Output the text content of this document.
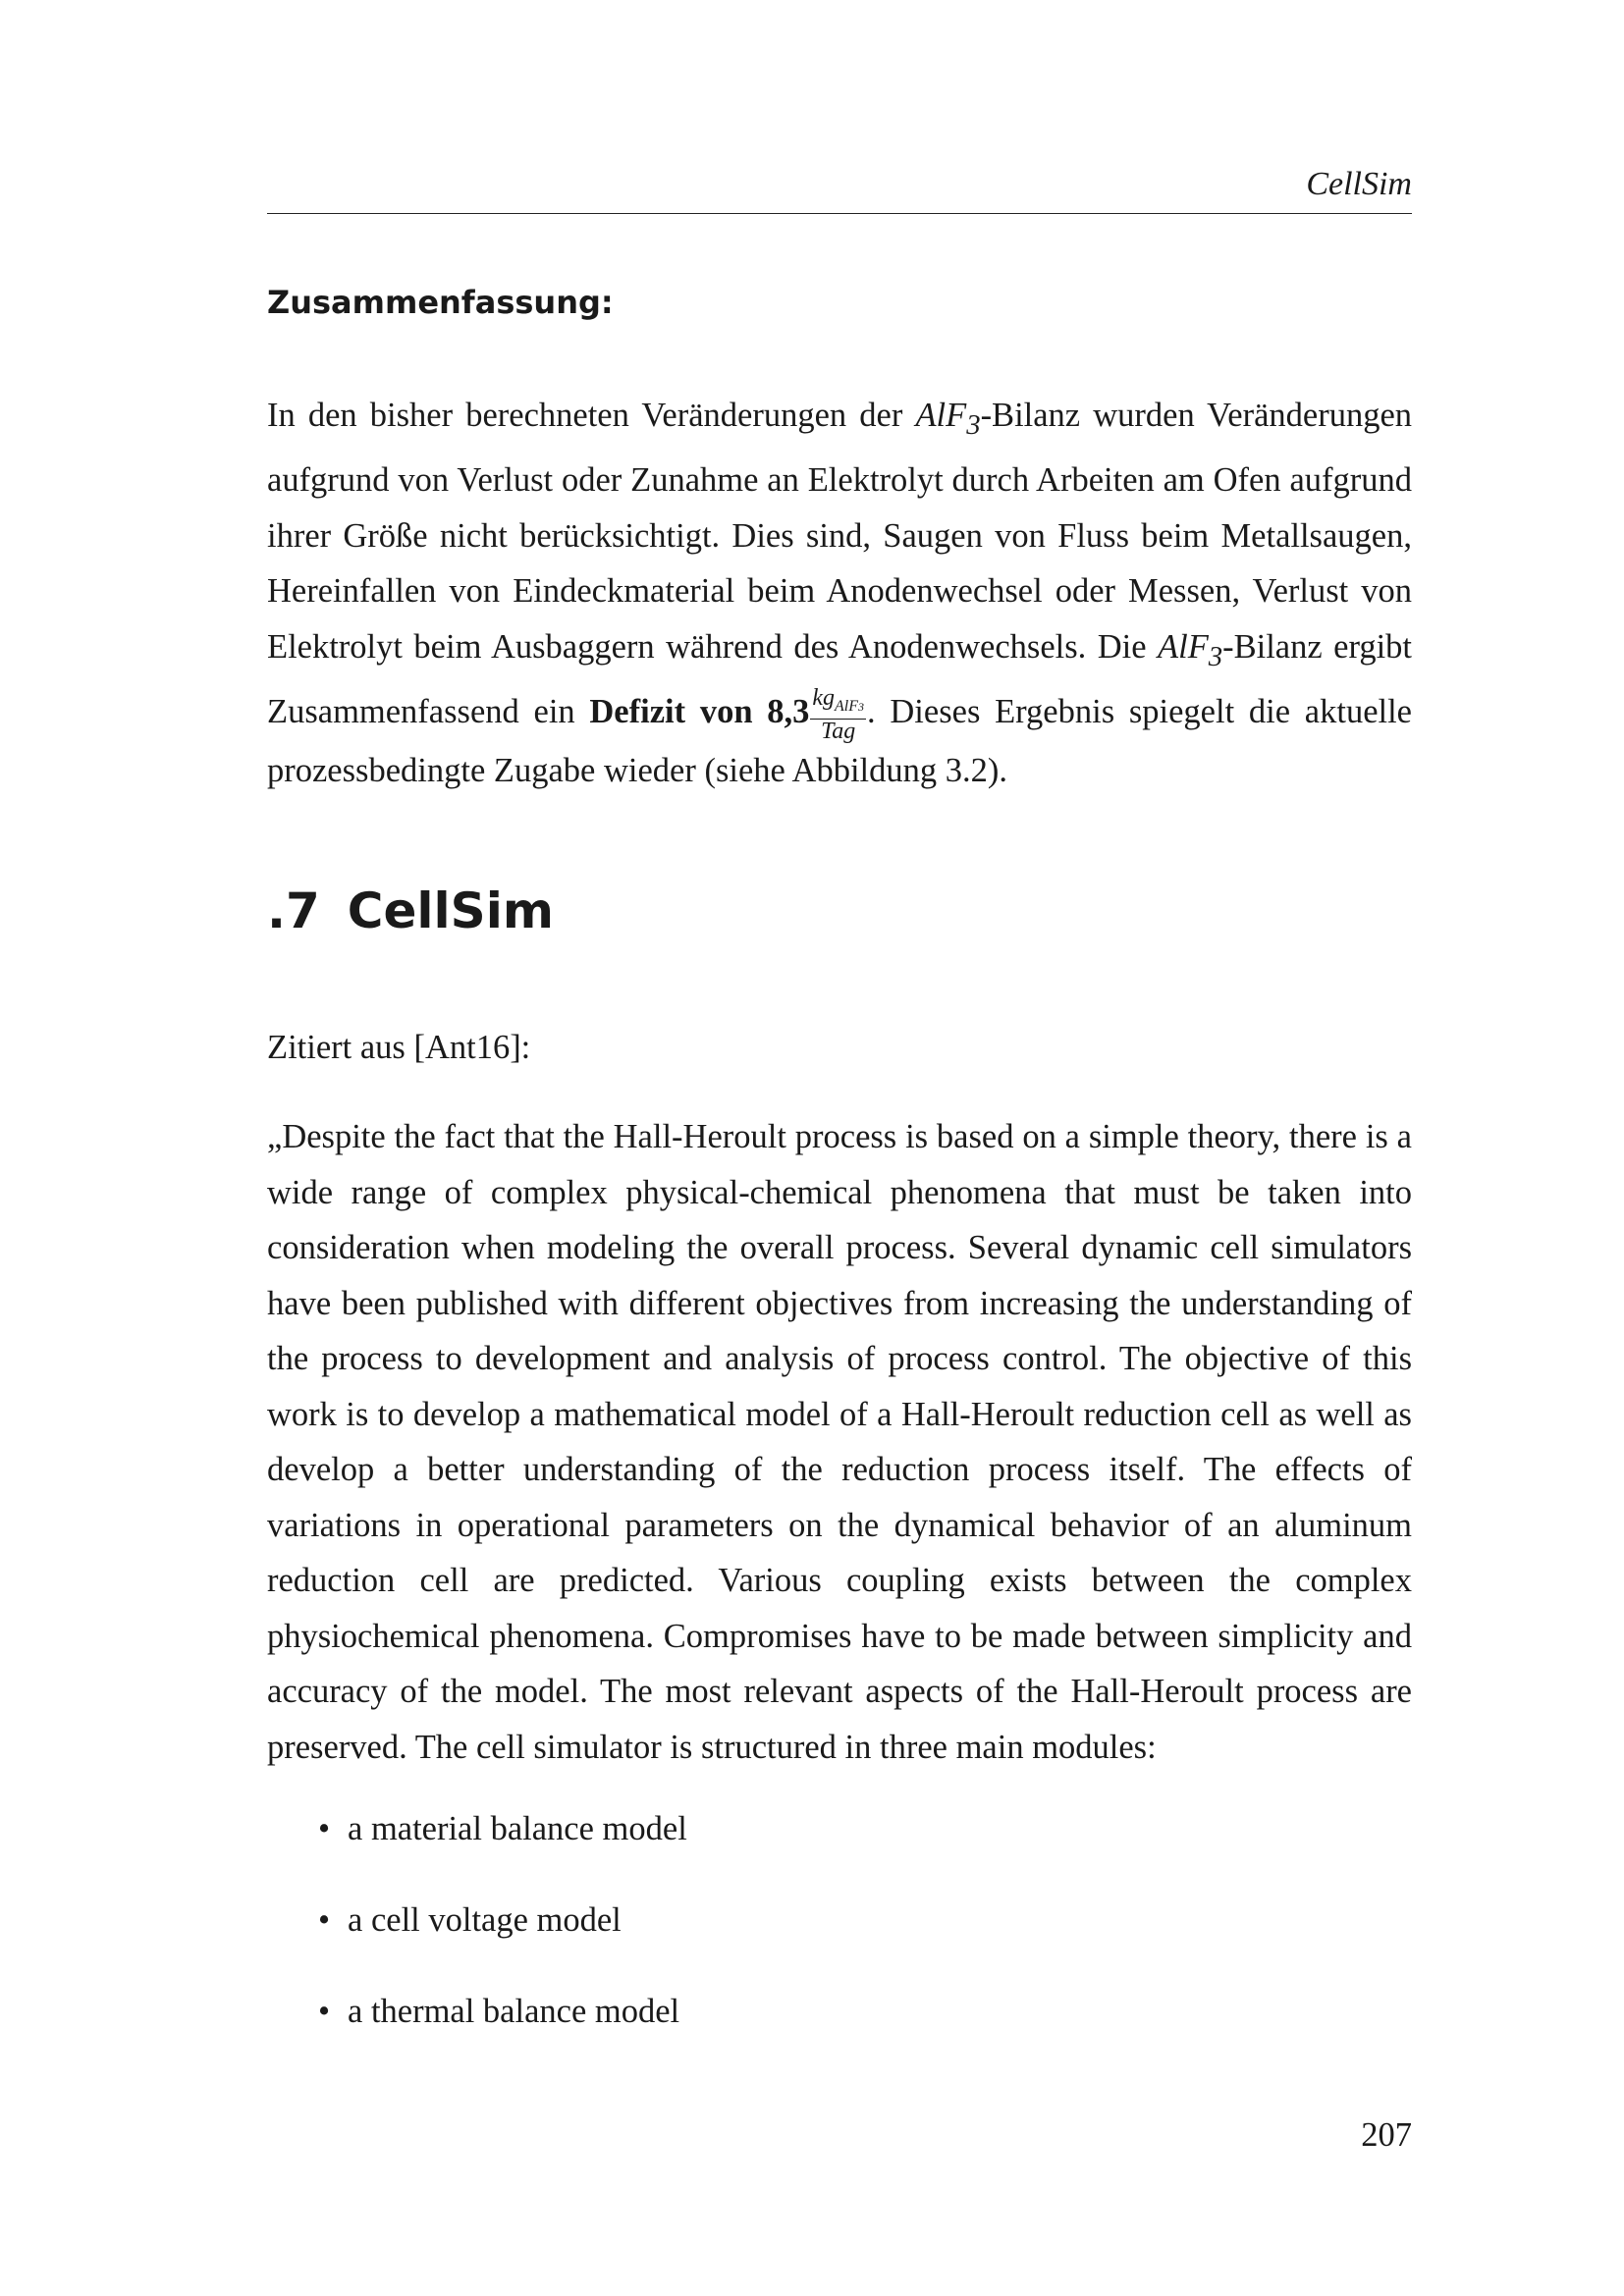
CellSim
Zusammenfassung:
In den bisher berechneten Veränderungen der AlF$_3$-Bilanz wurden Veränderungen aufgrund von Verlust oder Zunahme an Elektrolyt durch Arbeiten am Ofen aufgrund ihrer Größe nicht berücksichtigt. Dies sind, Saugen von Fluss beim Metallsaugen, Hereinfallen von Eindeckmaterial beim Anodenwechsel oder Messen, Verlust von Elektrolyt beim Ausbaggern während des Anodenwechsels. Die AlF$_3$-Bilanz ergibt Zusammenfassend ein Defizit von $8,3 \frac{kg_{AlF3}}{\text{Tag}}$ . Dieses Ergebnis spiegelt die aktuelle prozessbedingte Zugabe wieder (siehe Abbildung 3.2).
.7 CellSim
Zitiert aus [Ant16]:
„Despite the fact that the Hall-Heroult process is based on a simple theory, there is a wide range of complex physical-chemical phenomena that must be taken into consideration when modeling the overall process. Several dynamic cell simulators have been published with different objectives from increasing the understanding of the process to development and analysis of process control. The objective of this work is to develop a mathematical model of a Hall-Heroult reduction cell as well as develop a better understanding of the reduction process itself. The effects of variations in operational parameters on the dynamical behavior of an aluminum reduction cell are predicted. Various coupling exists between the complex physiochemical phenomena. Compromises have to be made between simplicity and accuracy of the model. The most relevant aspects of the Hall-Heroult process are preserved. The cell simulator is structured in three main modules:
• a material balance model
• a cell voltage model
• a thermal balance model
207
